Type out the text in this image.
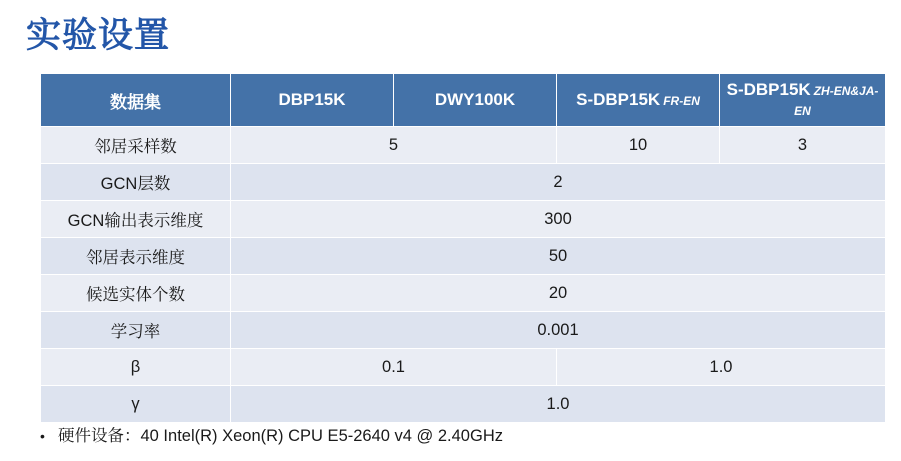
实验设置
数据集	DBP15K	DWY100K	S-DBP15K FR-EN	S-DBP15K ZH-EN&JA-EN
邻居采样数	5		10	3
GCN层数	2			
GCN输出表示维度	300			
邻居表示维度	50			
候选实体个数	20			
学习率	0.001			
β	0.1		1.0	
γ	1.0			
• 硬件设备：40 Intel(R) Xeon(R) CPU E5-2640 v4 @ 2.40GHz
